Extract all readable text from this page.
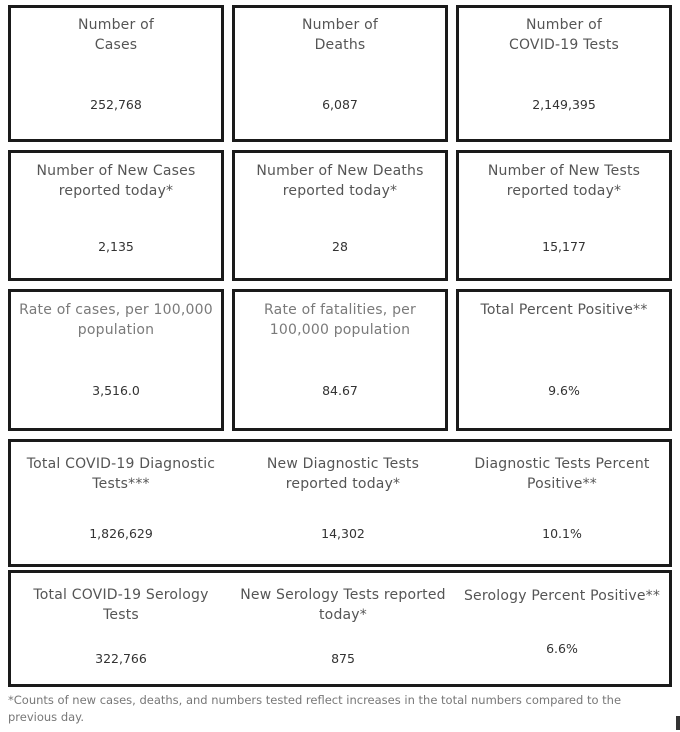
Number of
Cases
252,768
Number of
Deaths
6,087
Number of
COVID-19 Tests
2,149,395
Number of New Cases
reported today*
2,135
Number of New Deaths
reported today*
28
Number of New Tests
reported today*
15,177
Rate of cases, per 100,000
population
3,516.0
Rate of fatalities, per
100,000 population
84.67
Total Percent Positive**
9.6%
Total COVID-19 Diagnostic
Tests***
1,826,629
New Diagnostic Tests
reported today*
14,302
Diagnostic Tests Percent
Positive**
10.1%
Total COVID-19 Serology
Tests
322,766
New Serology Tests reported
today*
875
Serology Percent Positive**
6.6%
*Counts of new cases, deaths, and numbers tested reflect increases in the total numbers compared to the previous day.
